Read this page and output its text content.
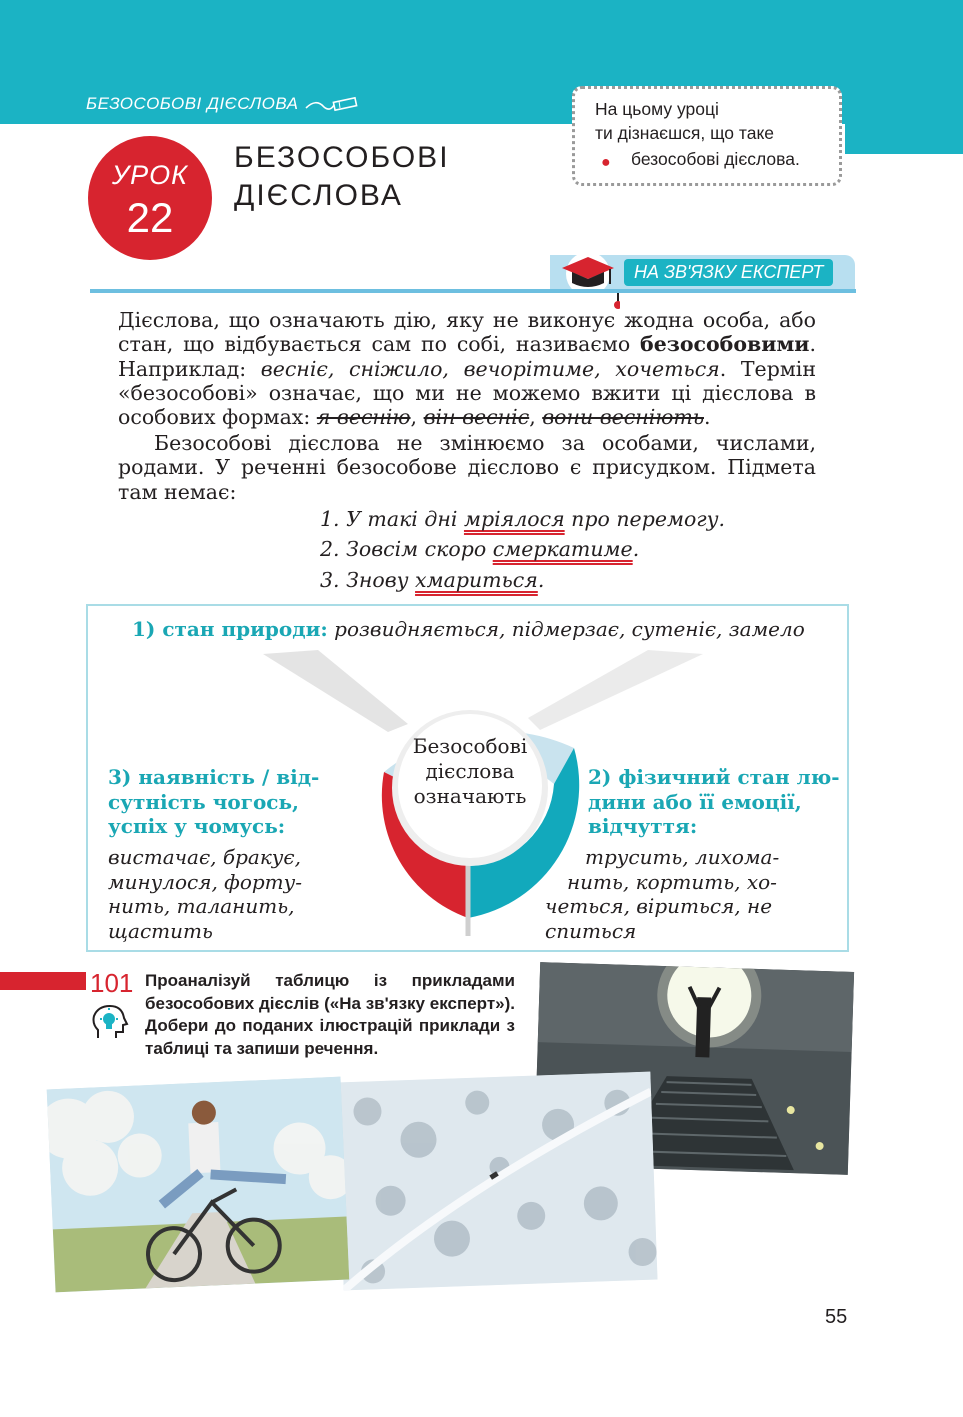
БЕЗОСОБОВІ ДІЄСЛОВА
УРОК
22
БЕЗОСОБОВІ
ДІЄСЛОВА
На цьому уроці
ти дізнаєшся, що таке
● безособові дієслова.
НА ЗВ'ЯЗКУ ЕКСПЕРТ
Дієслова, що означають дію, яку не виконує жодна особа, або стан, що відбувається сам по собі, називаємо безособовими. Наприклад: веснiє, сніжило, вечорітиме, хочеться. Термін «безособові» означає, що ми не можемо вжити ці дієслова в особових формах: я веснію, він веснiє, вони весніють.
Безособові дієслова не змінюємо за особами, числами, родами. У реченні безособове дієслово є присудком. Підмета там немає:
1. У такі дні мріялося про перемогу.
2. Зовсім скоро смеркатиме.
3. Знову хмариться.
1) стан природи: розвидняється, підмерзає, сутеніє, замело
Безособові
дієслова
означають
3) наявність / від-
сутність чогось,
успіх у чомусь:
вистачає, бракує,
минулося, форту-
нить, таланить,
щастить
2) фізичний стан лю-
дини або її емоції,
відчуття:
трусить, лихома-
нить, кортить, хо-
четься, віриться, не
спиться
101 Проаналізуй таблицю із прикладами безособових дієслів («На зв'язку експерт»). Добери до поданих ілюстрацій приклади з таблиці та запиши речення.
55
